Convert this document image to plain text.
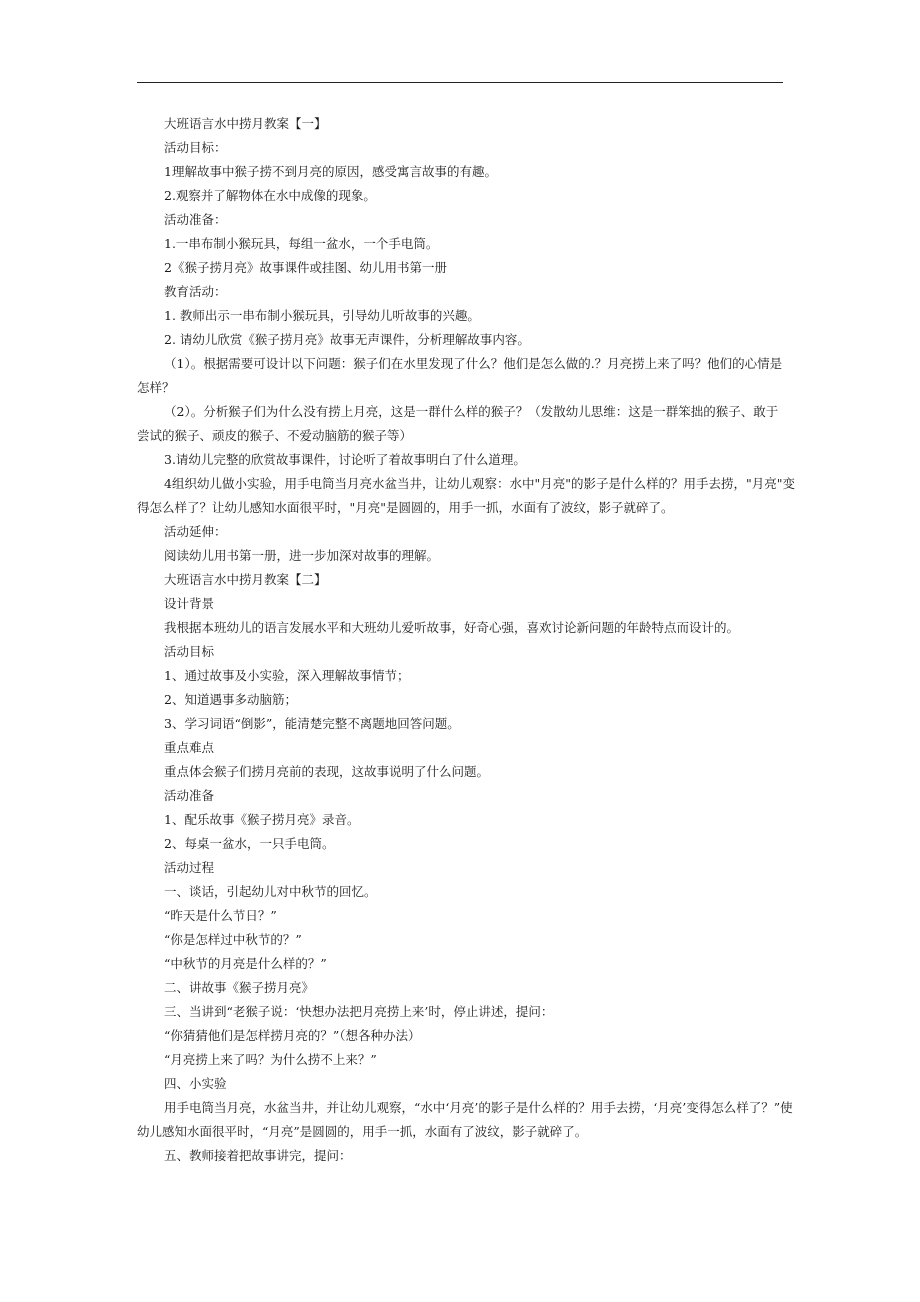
大班语言水中捞月教案【一】
活动目标：
1理解故事中猴子捞不到月亮的原因，感受寓言故事的有趣。
2.观察并了解物体在水中成像的现象。
活动准备：
1.一串布制小猴玩具，每组一盆水，一个手电筒。
2《猴子捞月亮》故事课件或挂图、幼儿用书第一册
教育活动：
1. 教师出示一串布制小猴玩具，引导幼儿听故事的兴趣。
2. 请幼儿欣赏《猴子捞月亮》故事无声课件，分析理解故事内容。
（1）。根据需要可设计以下问题：猴子们在水里发现了什么？他们是怎么做的.？月亮捞上来了吗？他们的心情是
怎样？
（2）。分析猴子们为什么没有捞上月亮，这是一群什么样的猴子？（发散幼儿思维：这是一群笨拙的猴子、敢于
尝试的猴子、顽皮的猴子、不爱动脑筋的猴子等）
3.请幼儿完整的欣赏故事课件，讨论听了着故事明白了什么道理。
4组织幼儿做小实验，用手电筒当月亮水盆当井，让幼儿观察：水中"月亮"的影子是什么样的？用手去捞，"月亮"变
得怎么样了？让幼儿感知水面很平时，"月亮"是圆圆的，用手一抓，水面有了波纹，影子就碎了。
活动延伸：
阅读幼儿用书第一册，进一步加深对故事的理解。
大班语言水中捞月教案【二】
设计背景
我根据本班幼儿的语言发展水平和大班幼儿爱听故事，好奇心强，喜欢讨论新问题的年龄特点而设计的。
活动目标
1、通过故事及小实验，深入理解故事情节；
2、知道遇事多动脑筋；
3、学习词语“倒影”，能清楚完整不离题地回答问题。
重点难点
重点体会猴子们捞月亮前的表现，这故事说明了什么问题。
活动准备
1、配乐故事《猴子捞月亮》录音。
2、每桌一盆水，一只手电筒。
活动过程
一、谈话，引起幼儿对中秋节的回忆。
“昨天是什么节日？”
“你是怎样过中秋节的？”
“中秋节的月亮是什么样的？”
二、讲故事《猴子捞月亮》
三、当讲到“老猴子说：‘快想办法把月亮捞上来’时，停止讲述，提问：
“你猜猜他们是怎样捞月亮的？”（想各种办法）
“月亮捞上来了吗？为什么捞不上来？”
四、小实验
用手电筒当月亮，水盆当井，并让幼儿观察，“水中‘月亮’的影子是什么样的？用手去捞，‘月亮’变得怎么样了？”使
幼儿感知水面很平时，“月亮”是圆圆的，用手一抓，水面有了波纹，影子就碎了。
五、教师接着把故事讲完，提问：
